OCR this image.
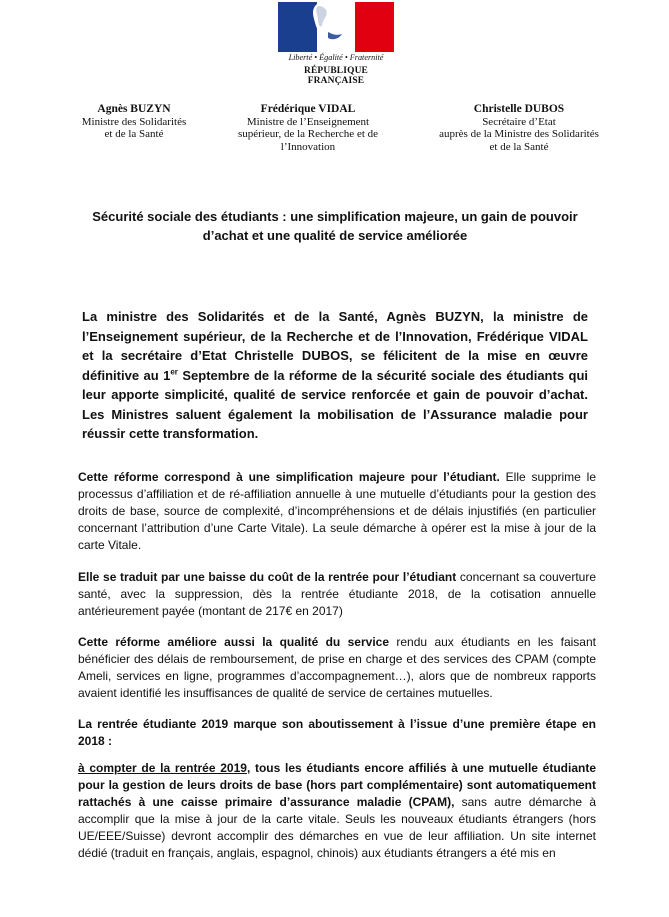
Liberté • Égalité • Fraternité
RÉPUBLIQUE FRANÇAISE
Agnès BUZYN
Ministre des Solidarités
et de la Santé
Frédérique VIDAL
Ministre de l’Enseignement
supérieur, de la Recherche et de
l’Innovation
Christelle DUBOS
Secrétaire d’Etat
auprès de la Ministre des Solidarités
et de la Santé
Sécurité sociale des étudiants : une simplification majeure, un gain de pouvoir d’achat et une qualité de service améliorée
La ministre des Solidarités et de la Santé, Agnès BUZYN, la ministre de l’Enseignement supérieur, de la Recherche et de l’Innovation, Frédérique VIDAL et la secrétaire d’Etat Christelle DUBOS, se félicitent de la mise en œuvre définitive au 1er Septembre de la réforme de la sécurité sociale des étudiants qui leur apporte simplicité, qualité de service renforcée et gain de pouvoir d’achat. Les Ministres saluent également la mobilisation de l’Assurance maladie pour réussir cette transformation.
Cette réforme correspond à une simplification majeure pour l’étudiant. Elle supprime le processus d’affiliation et de ré-affiliation annuelle à une mutuelle d’étudiants pour la gestion des droits de base, source de complexité, d’incompréhensions et de délais injustifiés (en particulier concernant l’attribution d’une Carte Vitale). La seule démarche à opérer est la mise à jour de la carte Vitale.
Elle se traduit par une baisse du coût de la rentrée pour l’étudiant concernant sa couverture santé, avec la suppression, dès la rentrée étudiante 2018, de la cotisation annuelle antérieurement payée (montant de 217€ en 2017)
Cette réforme améliore aussi la qualité du service rendu aux étudiants en les faisant bénéficier des délais de remboursement, de prise en charge et des services des CPAM (compte Ameli, services en ligne, programmes d’accompagnement…), alors que de nombreux rapports avaient identifié les insuffisances de qualité de service de certaines mutuelles.
La rentrée étudiante 2019 marque son aboutissement à l’issue d’une première étape en 2018 :
à compter de la rentrée 2019, tous les étudiants encore affiliés à une mutuelle étudiante pour la gestion de leurs droits de base (hors part complémentaire) sont automatiquement rattachés à une caisse primaire d’assurance maladie (CPAM), sans autre démarche à accomplir que la mise à jour de la carte vitale. Seuls les nouveaux étudiants étrangers (hors UE/EEE/Suisse) devront accomplir des démarches en vue de leur affiliation. Un site internet dédié (traduit en français, anglais, espagnol, chinois) aux étudiants étrangers a été mis en
